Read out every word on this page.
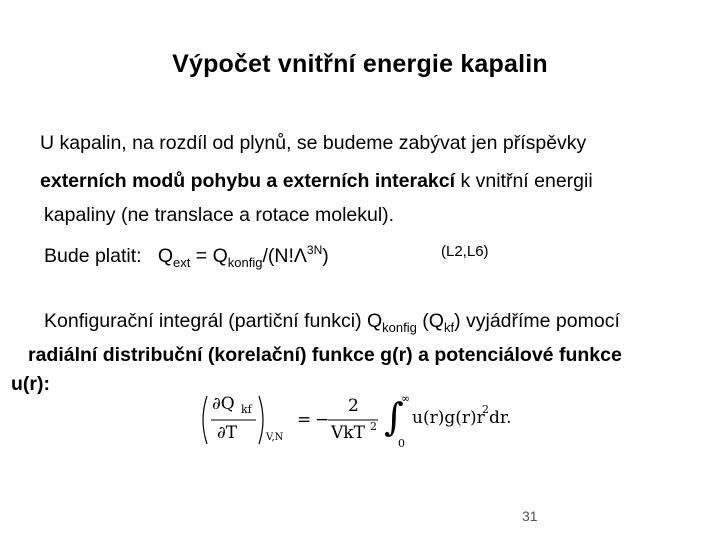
Výpočet vnitřní energie kapalin
U kapalin, na rozdíl od plynů, se budeme zabývat jen příspěvky
externích modů pohybu a externích interakcí k vnitřní energii
kapaliny (ne translace a rotace molekul).
Bude platit: $Q_{ext} = Q_{konfig}/(N!\Lambda^{3N})$	(L2,L6)
Konfigurační integrál (partiční funkci) $Q_{konfig}$ $(Q_{kf})$ vyjádříme pomocí
radiální distribuční (korelační) funkce g(r) a potenciálové funkce
u(r):
∂Q kf
∂T	V,N
= −
2
VkT 2 ∫
∞
0
u(r)g(r)r
2 dr.
31
